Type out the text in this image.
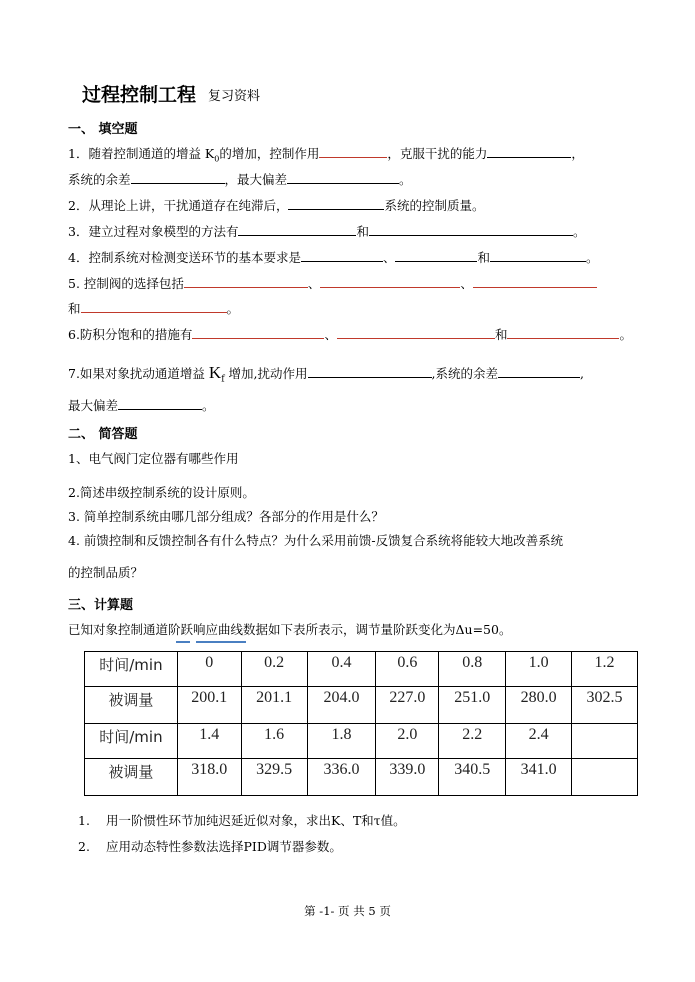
过程控制工程 复习资料
一、 填空题
1．随着控制通道的增益 $K_0$的增加，控制作用	，克服干扰的能力	，
系统的余差	，最大偏差	。
2．从理论上讲，干扰通道存在纯滞后，	系统的控制质量。
3．建立过程对象模型的方法有	和	。
4．控制系统对检测变送环节的基本要求是	、	和	。
5. 控制阀的选择包括	、	、
和	。
6.防积分饱和的措施有	、	和	。
7.如果对象扰动通道增益 $K_f$ 增加,扰动作用	,系统的余差	,
最大偏差	。
二、 简答题
1、电气阀门定位器有哪些作用
2.简述串级控制系统的设计原则。
3. 简单控制系统由哪几部分组成？各部分的作用是什么？
4. 前馈控制和反馈控制各有什么特点？为什么采用前馈-反馈复合系统将能较大地改善系统
的控制品质？
三、计算题
已知对象控制通道阶跃响应曲线数据如下表所表示，调节量阶跃变化为Δu=50。
时间/min	0	0.2	0.4	0.6	0.8	1.0	1.2
被调量	200.1	201.1	204.0	227.0	251.0	280.0	302.5
时间/min	1.4	1.6	1.8	2.0	2.2	2.4	
被调量	318.0	329.5	336.0	339.0	340.5	341.0	
1. 用一阶惯性环节加纯迟延近似对象，求出K、T和τ值。
2. 应用动态特性参数法选择PID调节器参数。
第 -1- 页 共 5 页
